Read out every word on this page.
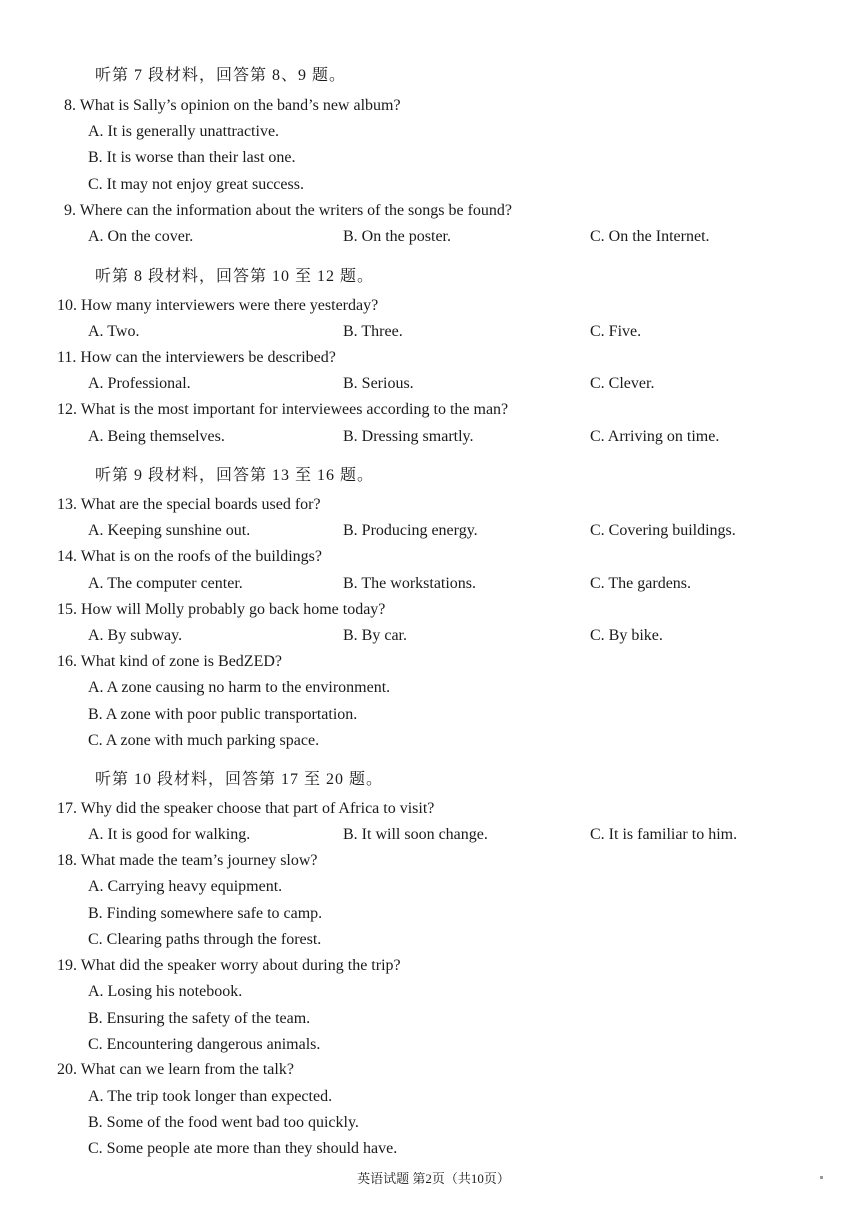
听第 7 段材料，回答第 8、9 题。
8. What is Sally’s opinion on the band’s new album?
A. It is generally unattractive.
B. It is worse than their last one.
C. It may not enjoy great success.
9. Where can the information about the writers of the songs be found?
A. On the cover.	B. On the poster.	C. On the Internet.
听第 8 段材料，回答第 10 至 12 题。
10. How many interviewers were there yesterday?
A. Two.	B. Three.	C. Five.
11. How can the interviewers be described?
A. Professional.	B. Serious.	C. Clever.
12. What is the most important for interviewees according to the man?
A. Being themselves.	B. Dressing smartly.	C. Arriving on time.
听第 9 段材料，回答第 13 至 16 题。
13. What are the special boards used for?
A. Keeping sunshine out.	B. Producing energy.	C. Covering buildings.
14. What is on the roofs of the buildings?
A. The computer center.	B. The workstations.	C. The gardens.
15. How will Molly probably go back home today?
A. By subway.	B. By car.	C. By bike.
16. What kind of zone is BedZED?
A. A zone causing no harm to the environment.
B. A zone with poor public transportation.
C. A zone with much parking space.
听第 10 段材料，回答第 17 至 20 题。
17. Why did the speaker choose that part of Africa to visit?
A. It is good for walking.	B. It will soon change.	C. It is familiar to him.
18. What made the team’s journey slow?
A. Carrying heavy equipment.
B. Finding somewhere safe to camp.
C. Clearing paths through the forest.
19. What did the speaker worry about during the trip?
A. Losing his notebook.
B. Ensuring the safety of the team.
C. Encountering dangerous animals.
20. What can we learn from the talk?
A. The trip took longer than expected.
B. Some of the food went bad too quickly.
C. Some people ate more than they should have.
英语试题 第2页（共10页）
